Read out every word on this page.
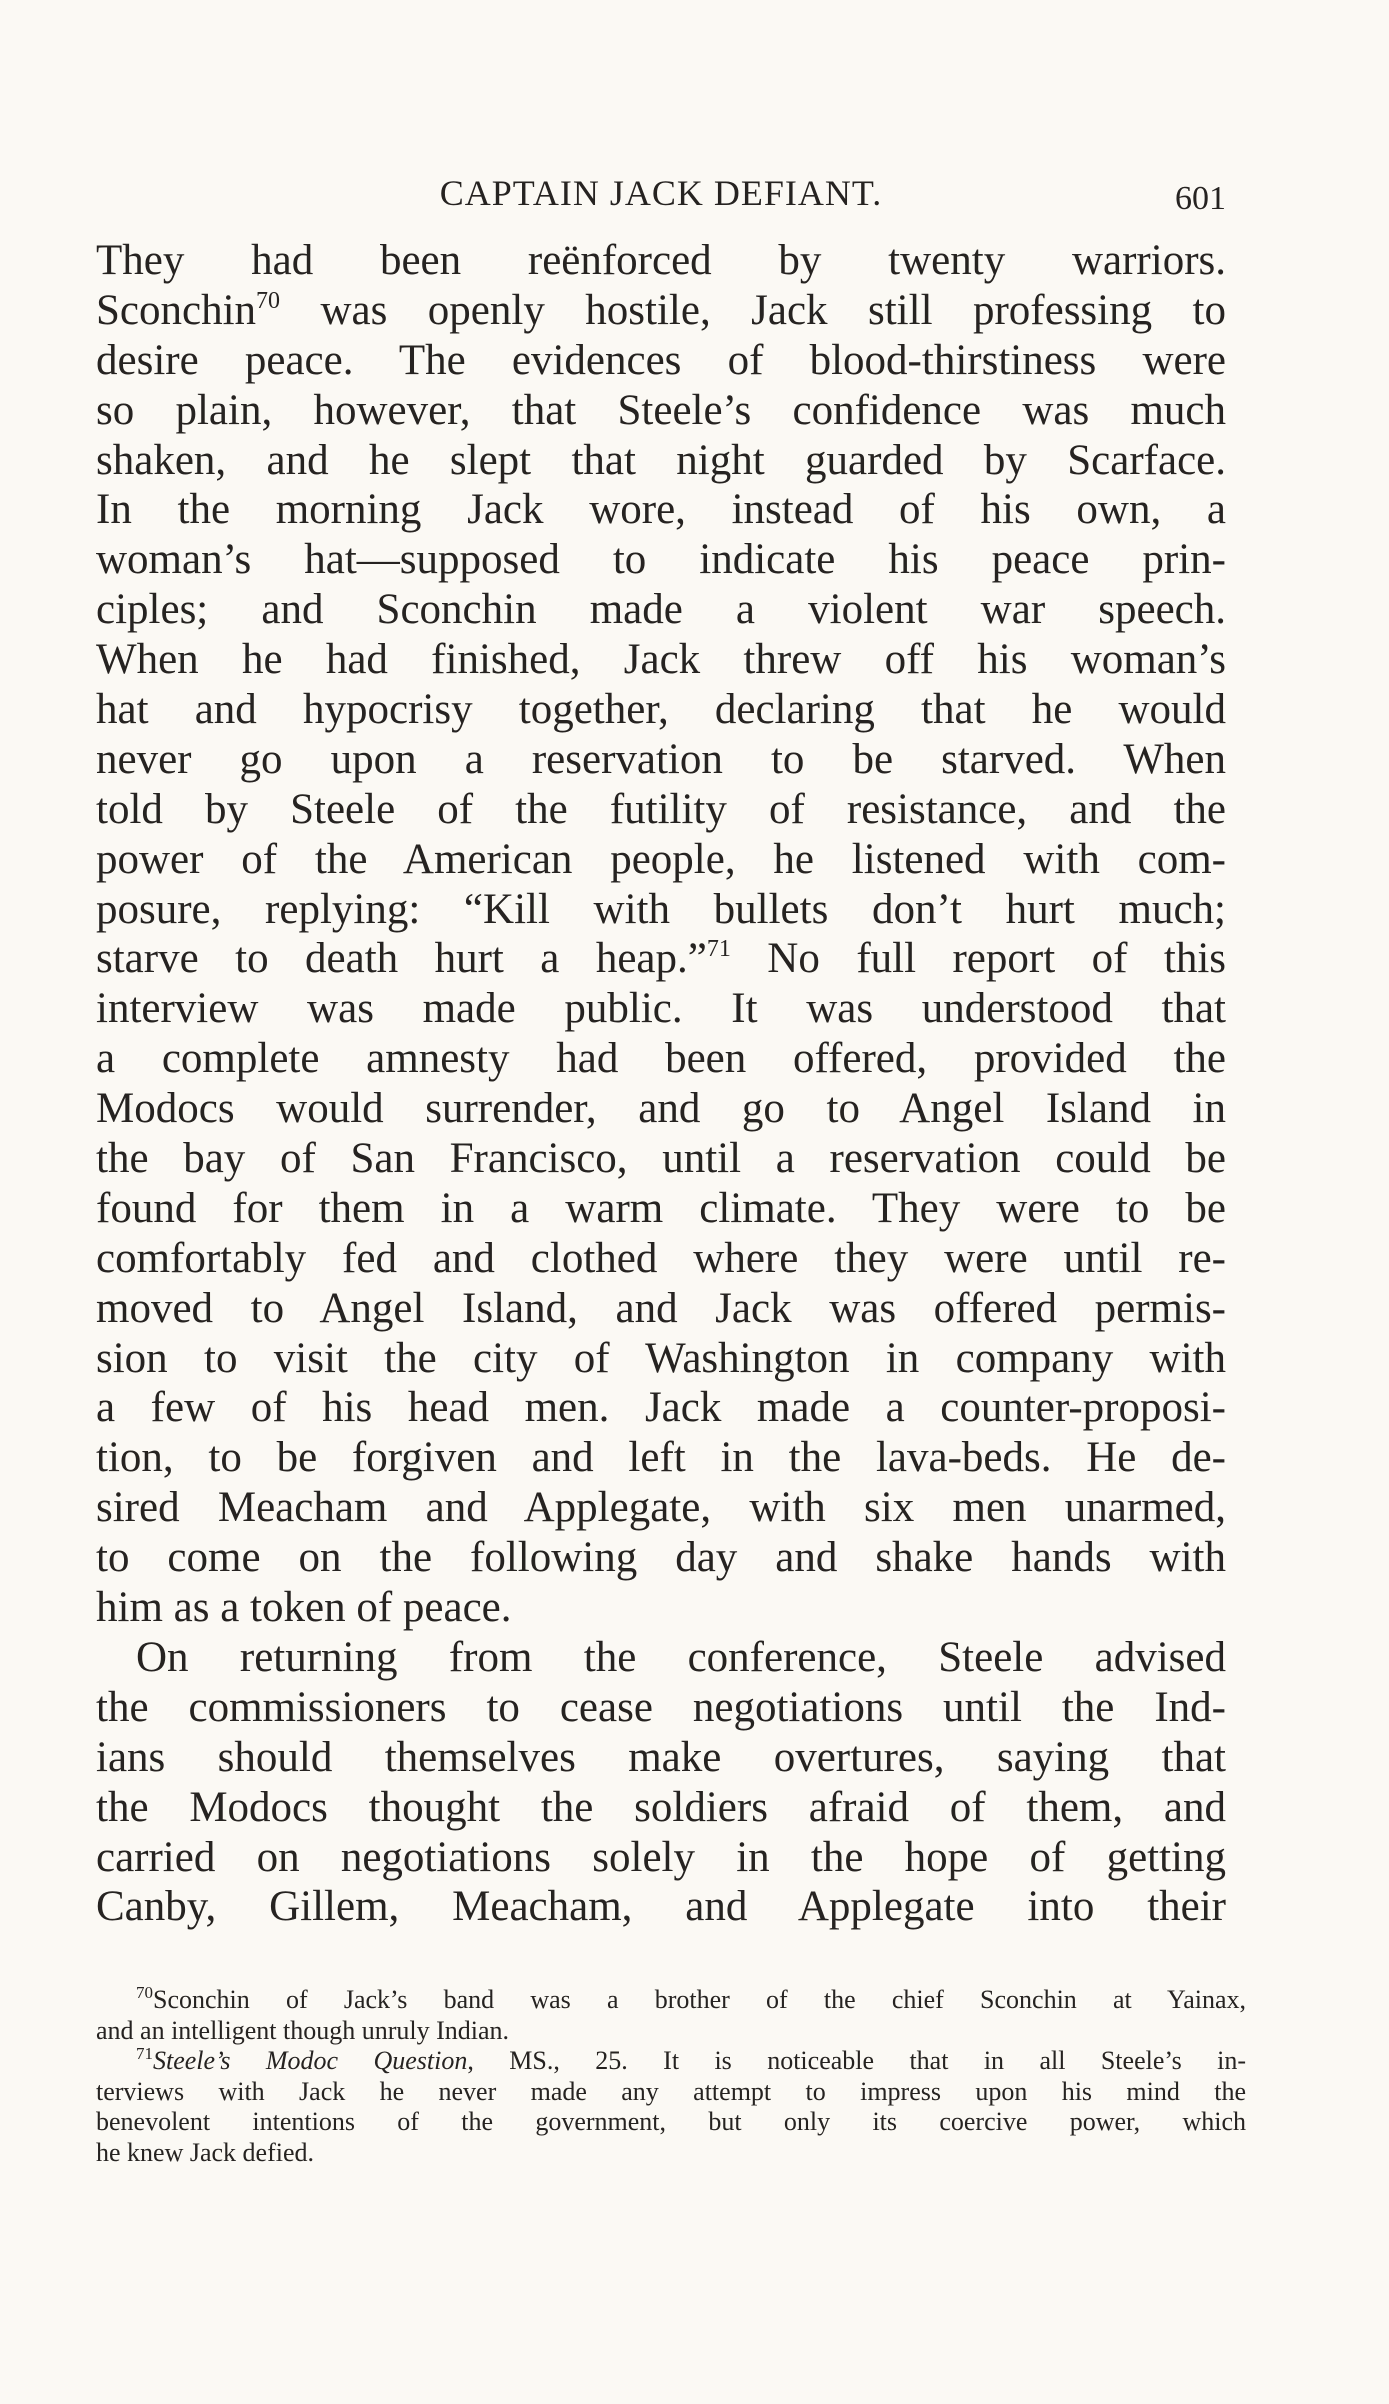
CAPTAIN JACK DEFIANT.	601
They had been reënforced by twenty warriors.
Sconchin$^{70}$ was openly hostile, Jack still professing to
desire peace. The evidences of blood-thirstiness were
so plain, however, that Steele’s confidence was much
shaken, and he slept that night guarded by Scarface.
In the morning Jack wore, instead of his own, a
woman’s hat—supposed to indicate his peace prin-
ciples; and Sconchin made a violent war speech.
When he had finished, Jack threw off his woman’s
hat and hypocrisy together, declaring that he would
never go upon a reservation to be starved. When
told by Steele of the futility of resistance, and the
power of the American people, he listened with com-
posure, replying: “Kill with bullets don’t hurt much;
starve to death hurt a heap.”$^{71}$ No full report of this
interview was made public. It was understood that
a complete amnesty had been offered, provided the
Modocs would surrender, and go to Angel Island in
the bay of San Francisco, until a reservation could be
found for them in a warm climate. They were to be
comfortably fed and clothed where they were until re-
moved to Angel Island, and Jack was offered permis-
sion to visit the city of Washington in company with
a few of his head men. Jack made a counter-proposi-
tion, to be forgiven and left in the lava-beds. He de-
sired Meacham and Applegate, with six men unarmed,
to come on the following day and shake hands with
him as a token of peace.
On returning from the conference, Steele advised
the commissioners to cease negotiations until the Ind-
ians should themselves make overtures, saying that
the Modocs thought the soldiers afraid of them, and
carried on negotiations solely in the hope of getting
Canby, Gillem, Meacham, and Applegate into their
$^{70}$Sconchin of Jack’s band was a brother of the chief Sconchin at Yainax,
and an intelligent though unruly Indian.
$^{71}$Steele’s Modoc Question, MS., 25. It is noticeable that in all Steele’s in-
terviews with Jack he never made any attempt to impress upon his mind the
benevolent intentions of the government, but only its coercive power, which
he knew Jack defied.
